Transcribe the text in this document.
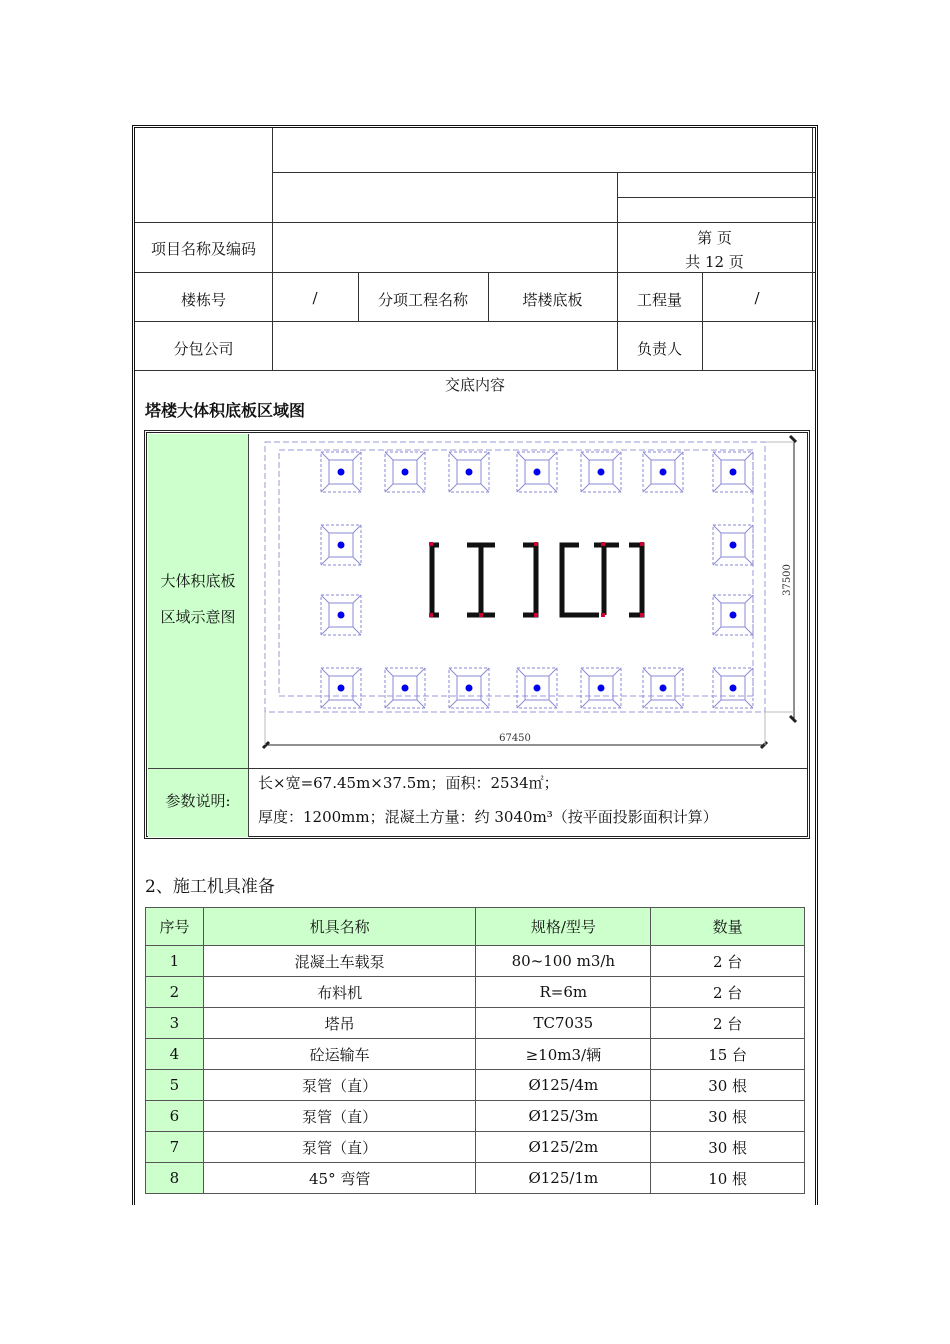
项目名称及编码
第 页
共 12 页
楼栋号	/	分项工程名称	塔楼底板	工程量	/
分包公司	负责人
交底内容
塔楼大体积底板区域图
大体积底板
区域示意图
参数说明:
长×宽=67.45m×37.5m；面积：2534㎡；
厚度：1200mm；混凝土方量：约 3040m³（按平面投影面积计算）
67450
37500
2、施工机具准备
序号	机具名称	规格/型号	数量
1	混凝土车载泵	80~100 m3/h	2 台
2	布料机	R=6m	2 台
3	塔吊	TC7035	2 台
4	砼运输车	≥10m3/辆	15 台
5	泵管（直）	Ø125/4m	30 根
6	泵管（直）	Ø125/3m	30 根
7	泵管（直）	Ø125/2m	30 根
8	45° 弯管	Ø125/1m	10 根
